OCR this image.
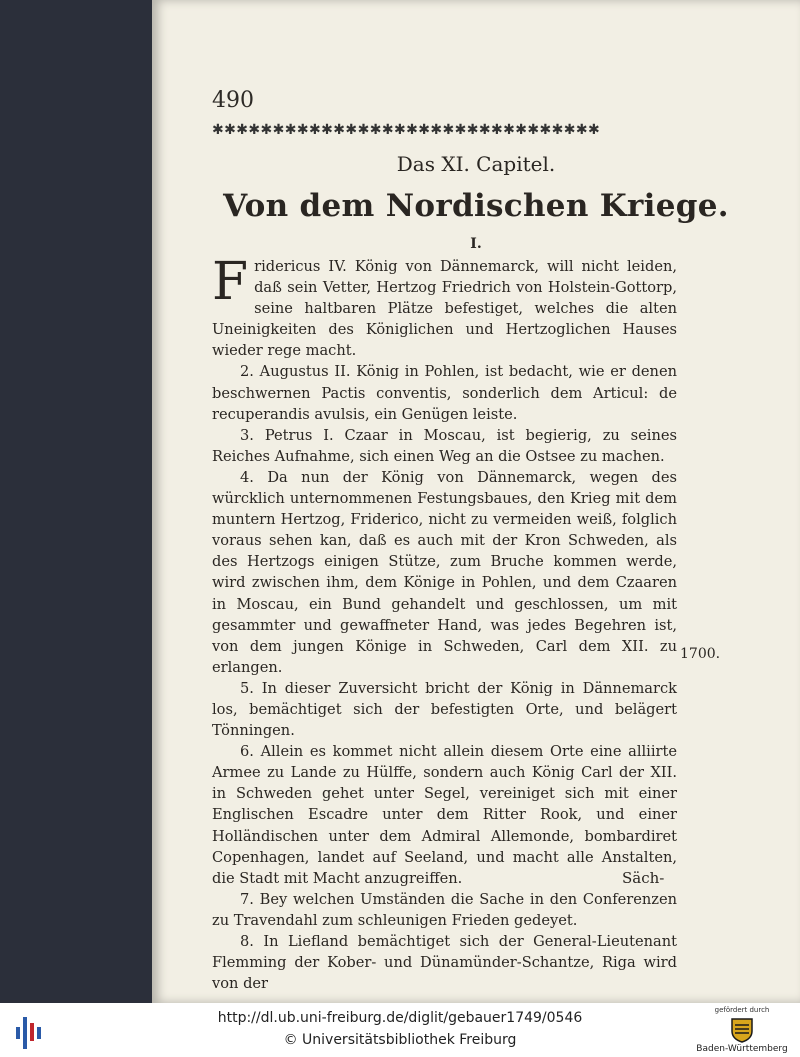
490
✱✱✱✱✱✱✱✱✱✱✱✱✱✱✱✱✱✱✱✱✱✱✱✱✱✱✱✱✱✱✱✱
Das XI. Capitel.
Von dem Nordischen Kriege.
I.

Fridericus IV. König von Dännemarck, will nicht leiden, daß sein Vetter, Hertzog Friedrich von Holstein-Gottorp, seine haltbaren Plätze befestiget, welches die alten Uneinigkeiten des Königlichen und Hertzoglichen Hauses wieder rege macht.

2. Augustus II. König in Pohlen, ist bedacht, wie er denen beschwernen Pactis conventis, sonderlich dem Articul: de recuperandis avulsis, ein Genügen leiste.

3. Petrus I. Czaar in Moscau, ist begierig, zu seines Reiches Aufnahme, sich einen Weg an die Ostsee zu machen.

4. Da nun der König von Dännemarck, wegen des würcklich unternommenen Festungsbaues, den Krieg mit dem muntern Hertzog, Friderico, nicht zu vermeiden weiß, folglich voraus sehen kan, daß es auch mit der Kron Schweden, als des Hertzogs einigen Stütze, zum Bruche kommen werde, wird zwischen ihm, dem Könige in Pohlen, und dem Czaaren in Moscau, ein Bund gehandelt und geschlossen, um mit gesammter und gewaffneter Hand, was jedes Begehren ist, von dem jungen Könige in Schweden, Carl dem XII. zu erlangen.

5. In dieser Zuversicht bricht der König in Dännemarck los, bemächtiget sich der befestigten Orte, und belägert Tönningen.

6. Allein es kommet nicht allein diesem Orte eine alliirte Armee zu Lande zu Hülffe, sondern auch König Carl der XII. in Schweden gehet unter Segel, vereiniget sich mit einer Englischen Escadre unter dem Ritter Rook, und einer Holländischen unter dem Admiral Allemonde, bombardiret Copenhagen, landet auf Seeland, und macht alle Anstalten, die Stadt mit Macht anzugreiffen.

7. Bey welchen Umständen die Sache in den Conferenzen zu Travendahl zum schleunigen Frieden gedeyet.

8. In Liefland bemächtiget sich der General-Lieutenant Flemming der Kober- und Dünamünder-Schantze, Riga wird von der

1700.
Säch-
http://dl.ub.uni-freiburg.de/diglit/gebauer1749/0546
© Universitätsbibliothek Freiburg
gefördert durch
Baden-Württemberg
